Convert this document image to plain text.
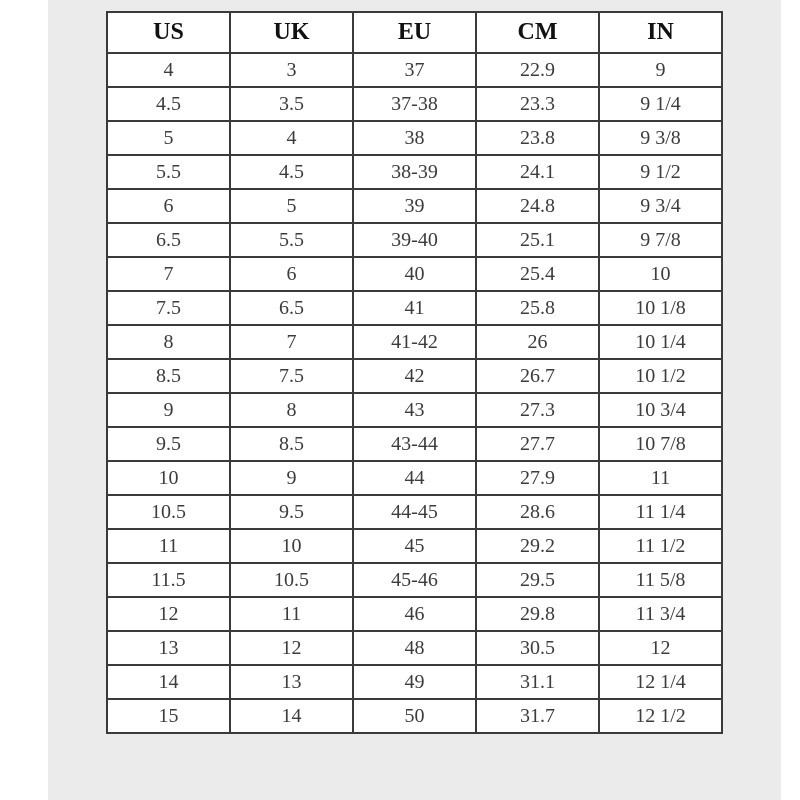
US	UK	EU	CM	IN
4	3	37	22.9	9
4.5	3.5	37-38	23.3	9 1/4
5	4	38	23.8	9 3/8
5.5	4.5	38-39	24.1	9 1/2
6	5	39	24.8	9 3/4
6.5	5.5	39-40	25.1	9 7/8
7	6	40	25.4	10
7.5	6.5	41	25.8	10 1/8
8	7	41-42	26	10 1/4
8.5	7.5	42	26.7	10 1/2
9	8	43	27.3	10 3/4
9.5	8.5	43-44	27.7	10 7/8
10	9	44	27.9	11
10.5	9.5	44-45	28.6	11 1/4
11	10	45	29.2	11 1/2
11.5	10.5	45-46	29.5	11 5/8
12	11	46	29.8	11 3/4
13	12	48	30.5	12
14	13	49	31.1	12 1/4
15	14	50	31.7	12 1/2
